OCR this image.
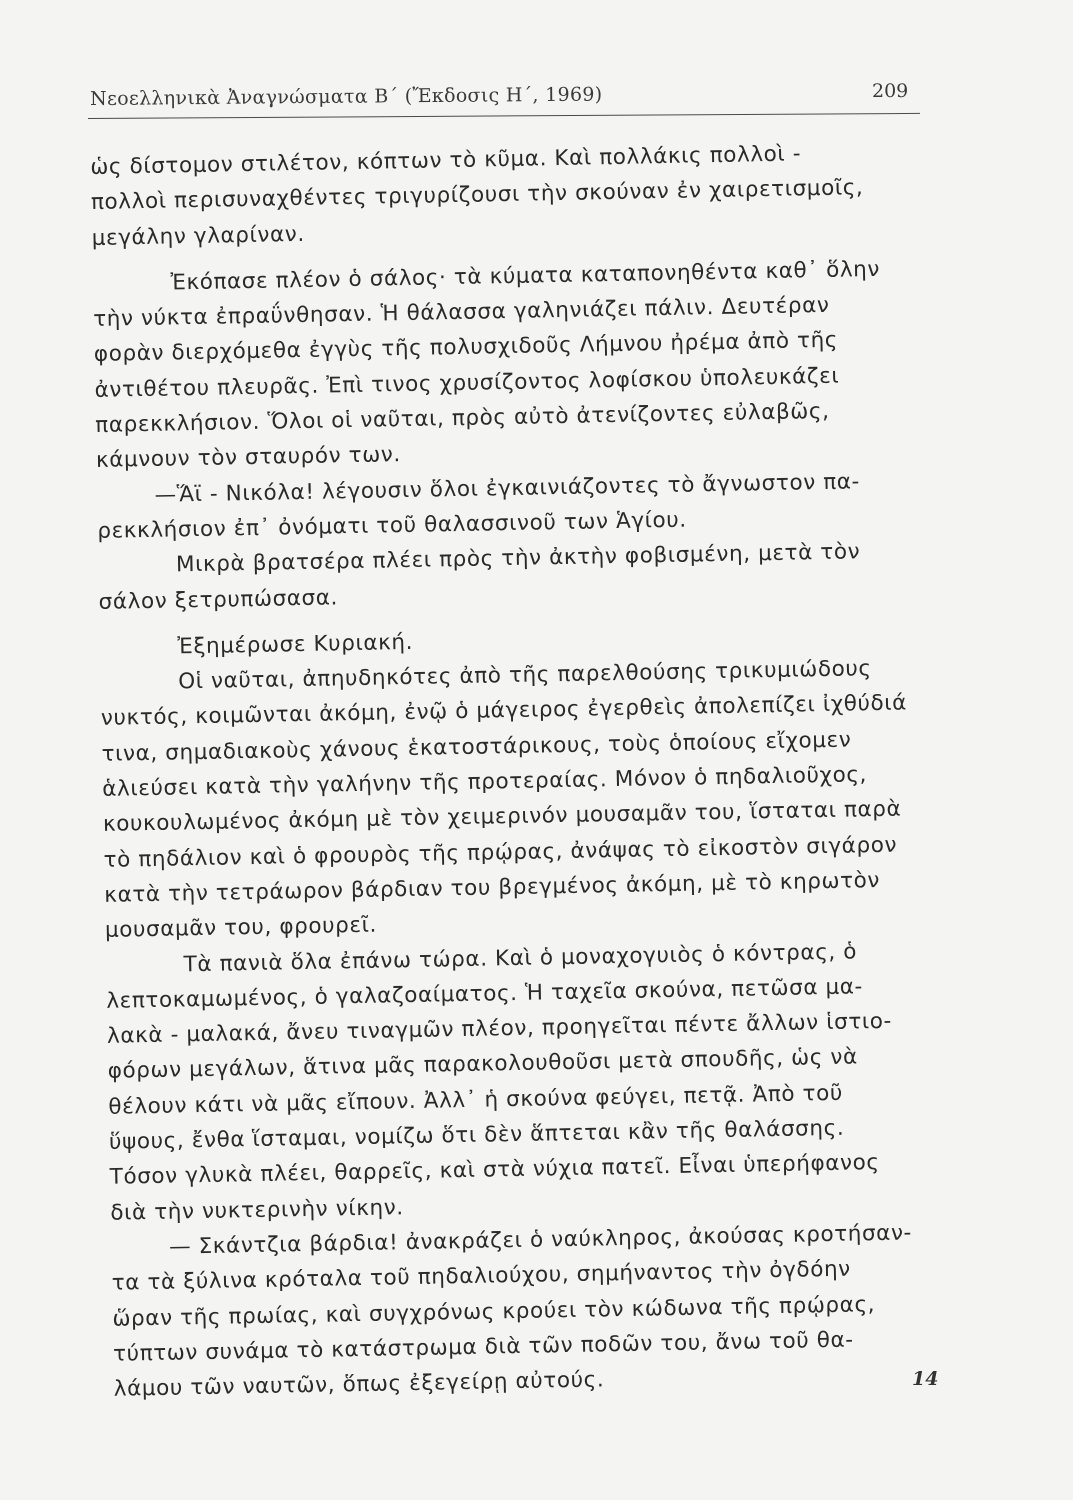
Νεοελληνικὰ Ἀναγνώσματα Β΄ (Ἔκδοσις Η΄, 1969)	209
ὡς δίστομον στιλέτον, κόπτων τὸ κῦμα. Καὶ πολλάκις πολλοὶ -
πολλοὶ περισυναχθέντες τριγυρίζουσι τὴν σκούναν ἐν χαιρετισμοῖς,
μεγάλην γλαρίναν.
Ἐκόπασε πλέον ὁ σάλος· τὰ κύματα καταπονηθέντα καθ᾽ ὅλην
τὴν νύκτα ἐπραΰνθησαν. Ἡ θάλασσα γαληνιάζει πάλιν. Δευτέραν
φορὰν διερχόμεθα ἐγγὺς τῆς πολυσχιδοῦς Λήμνου ἠρέμα ἀπὸ τῆς
ἀντιθέτου πλευρᾶς. Ἐπὶ τινος χρυσίζοντος λοφίσκου ὑπολευκάζει
παρεκκλήσιον. Ὅλοι οἱ ναῦται, πρὸς αὐτὸ ἀτενίζοντες εὐλαβῶς,
κάμνουν τὸν σταυρόν των.
—Ἅϊ - Νικόλα! λέγουσιν ὅλοι ἐγκαινιάζοντες τὸ ἄγνωστον πα-
ρεκκλήσιον ἐπ᾽ ὀνόματι τοῦ θαλασσινοῦ των Ἁγίου.
Μικρὰ βρατσέρα πλέει πρὸς τὴν ἀκτὴν φοβισμένη, μετὰ τὸν
σάλον ξετρυπώσασα.
Ἐξημέρωσε Κυριακή.
Οἱ ναῦται, ἀπηυδηκότες ἀπὸ τῆς παρελθούσης τρικυμιώδους
νυκτός, κοιμῶνται ἀκόμη, ἐνῷ ὁ μάγειρος ἐγερθεὶς ἀπολεπίζει ἰχθύδιά
τινα, σημαδιακοὺς χάνους ἑκατοστάρικους, τοὺς ὁποίους εἴχομεν
ἁλιεύσει κατὰ τὴν γαλήνην τῆς προτεραίας. Μόνον ὁ πηδαλιοῦχος,
κουκουλωμένος ἀκόμη μὲ τὸν χειμερινόν μουσαμᾶν του, ἵσταται παρὰ
τὸ πηδάλιον καὶ ὁ φρουρὸς τῆς πρῴρας, ἀνάψας τὸ εἰκοστὸν σιγάρον
κατὰ τὴν τετράωρον βάρδιαν του βρεγμένος ἀκόμη, μὲ τὸ κηρωτὸν
μουσαμᾶν του, φρουρεῖ.
Τὰ πανιὰ ὅλα ἐπάνω τώρα. Καὶ ὁ μοναχογυιὸς ὁ κόντρας, ὁ
λεπτοκαμωμένος, ὁ γαλαζοαίματος. Ἡ ταχεῖα σκούνα, πετῶσα μα-
λακὰ - μαλακά, ἄνευ τιναγμῶν πλέον, προηγεῖται πέντε ἄλλων ἱστιο-
φόρων μεγάλων, ἅτινα μᾶς παρακολουθοῦσι μετὰ σπουδῆς, ὡς νὰ
θέλουν κάτι νὰ μᾶς εἴπουν. Ἀλλ᾽ ἡ σκούνα φεύγει, πετᾷ. Ἀπὸ τοῦ
ὕψους, ἔνθα ἵσταμαι, νομίζω ὅτι δὲν ἅπτεται κἂν τῆς θαλάσσης.
Τόσον γλυκὰ πλέει, θαρρεῖς, καὶ στὰ νύχια πατεῖ. Εἶναι ὑπερήφανος
διὰ τὴν νυκτερινὴν νίκην.
— Σκάντζια βάρδια! ἀνακράζει ὁ ναύκληρος, ἀκούσας κροτήσαν-
τα τὰ ξύλινα κρόταλα τοῦ πηδαλιούχου, σημήναντος τὴν ὀγδόην
ὥραν τῆς πρωίας, καὶ συγχρόνως κρούει τὸν κώδωνα τῆς πρῴρας,
τύπτων συνάμα τὸ κατάστρωμα διὰ τῶν ποδῶν του, ἄνω τοῦ θα-
λάμου τῶν ναυτῶν, ὅπως ἐξεγείρῃ αὐτούς.	14
